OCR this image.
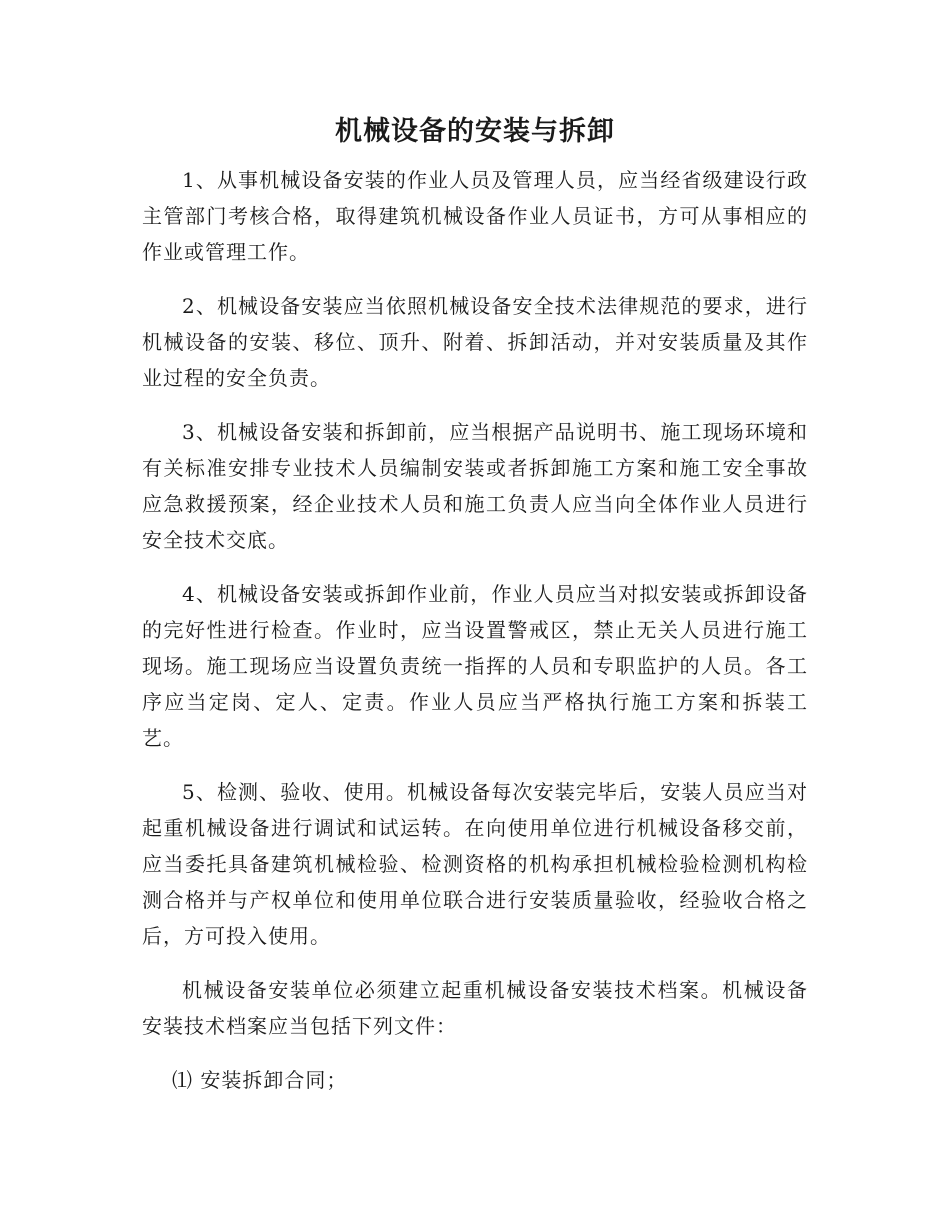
机械设备的安装与拆卸

1、从事机械设备安装的作业人员及管理人员，应当经省级建设行政主管部门考核合格，取得建筑机械设备作业人员证书，方可从事相应的作业或管理工作。

2、机械设备安装应当依照机械设备安全技术法律规范的要求，进行机械设备的安装、移位、顶升、附着、拆卸活动，并对安装质量及其作业过程的安全负责。

3、机械设备安装和拆卸前，应当根据产品说明书、施工现场环境和有关标准安排专业技术人员编制安装或者拆卸施工方案和施工安全事故应急救援预案，经企业技术人员和施工负责人应当向全体作业人员进行安全技术交底。

4、机械设备安装或拆卸作业前，作业人员应当对拟安装或拆卸设备的完好性进行检查。作业时，应当设置警戒区，禁止无关人员进行施工现场。施工现场应当设置负责统一指挥的人员和专职监护的人员。各工序应当定岗、定人、定责。作业人员应当严格执行施工方案和拆装工艺。

5、检测、验收、使用。机械设备每次安装完毕后，安装人员应当对起重机械设备进行调试和试运转。在向使用单位进行机械设备移交前，应当委托具备建筑机械检验、检测资格的机构承担机械检验检测机构检测合格并与产权单位和使用单位联合进行安装质量验收，经验收合格之后，方可投入使用。

机械设备安装单位必须建立起重机械设备安装技术档案。机械设备安装技术档案应当包括下列文件：

⑴ 安装拆卸合同；
